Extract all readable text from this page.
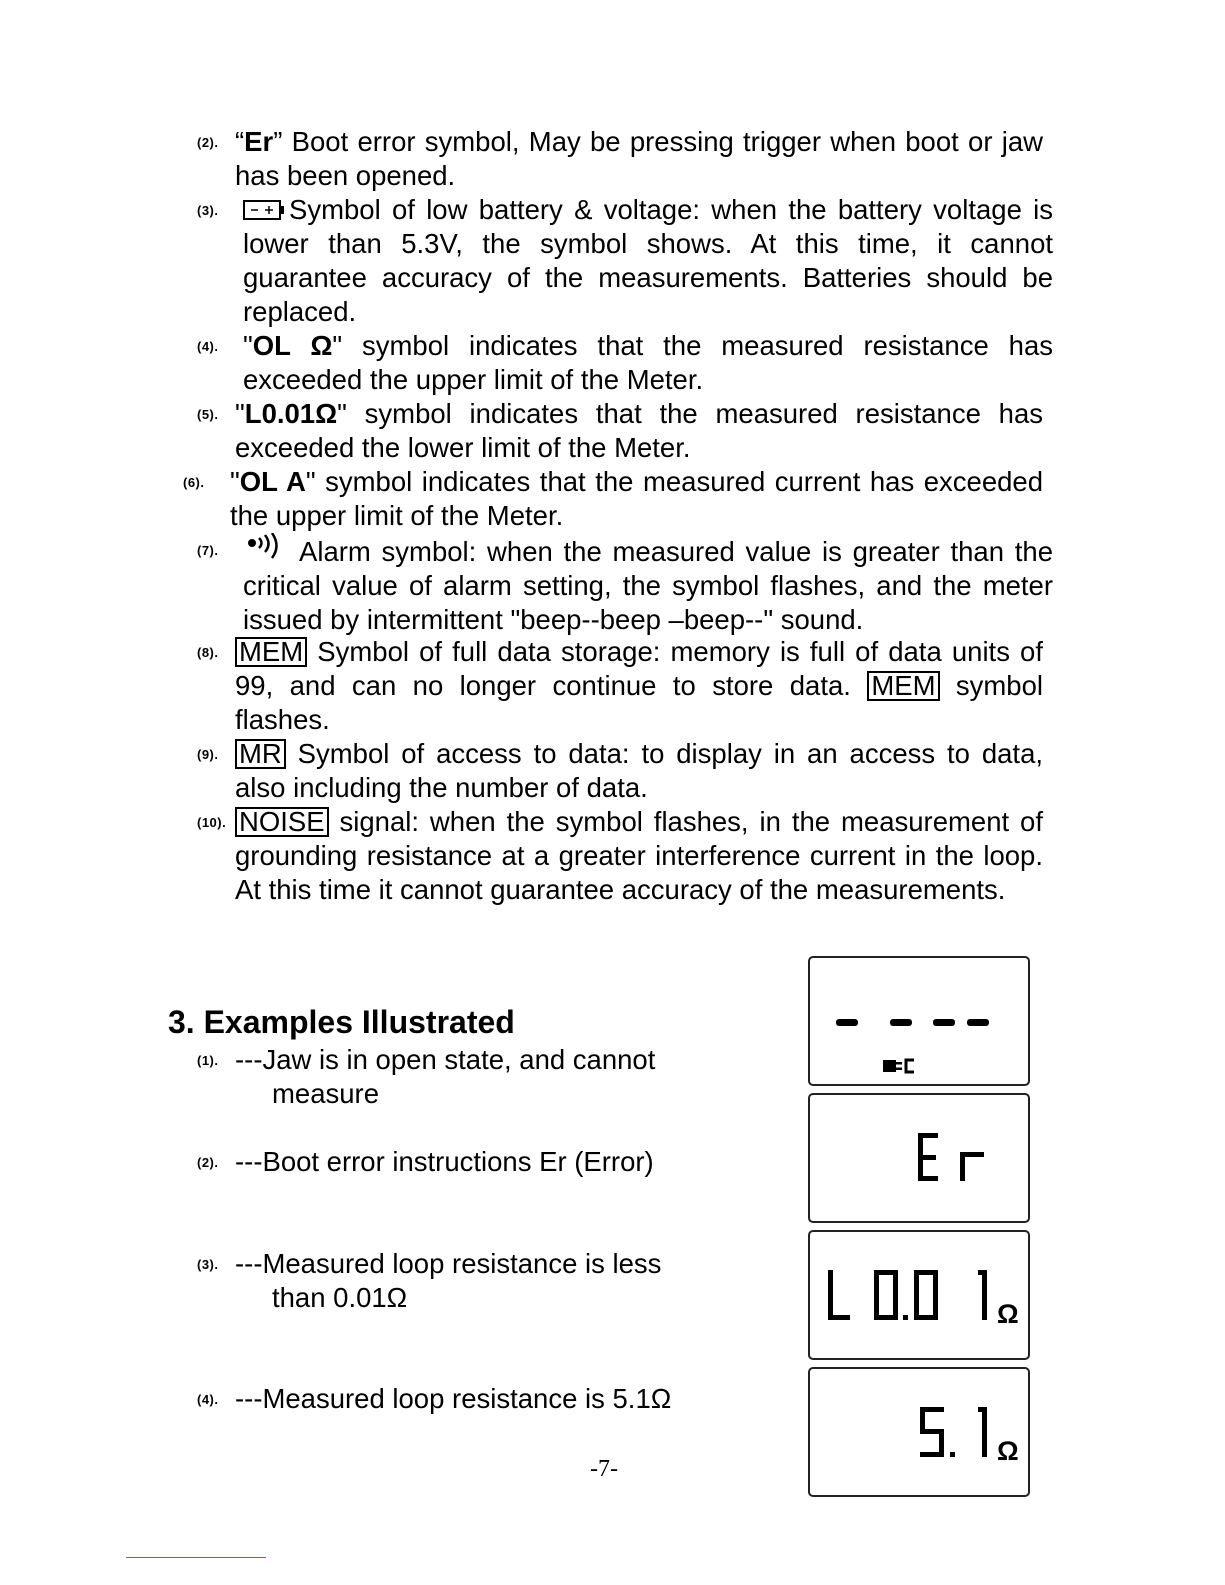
(2). “Er” Boot error symbol, May be pressing trigger when boot or jaw has been opened.

(3).	Symbol of low battery & voltage: when the battery voltage is lower than 5.3V, the symbol shows. At this time, it cannot guarantee accuracy of the measurements. Batteries should be replaced.

(4). "OL Ω" symbol indicates that the measured resistance has exceeded the upper limit of the Meter.

(5). "L0.01Ω" symbol indicates that the measured resistance has exceeded the lower limit of the Meter.

(6). "OL A" symbol indicates that the measured current has exceeded the upper limit of the Meter.

(7).	Alarm symbol: when the measured value is greater than the critical value of alarm setting, the symbol flashes, and the meter issued by intermittent "beep--beep –beep--" sound.

(8). MEM Symbol of full data storage: memory is full of data units of 99, and can no longer continue to store data. MEM symbol flashes.

(9). MR Symbol of access to data: to display in an access to data, also including the number of data.

(10). NOISE signal: when the symbol flashes, in the measurement of grounding resistance at a greater interference current in the loop. At this time it cannot guarantee accuracy of the measurements.

3. Examples Illustrated
(1). ---Jaw is in open state, and cannot
measure

(2). ---Boot error instructions Er (Error)

(3). ---Measured loop resistance is less
than 0.01Ω

(4). ---Measured loop resistance is 5.1Ω

Ω
Ω
-7-
